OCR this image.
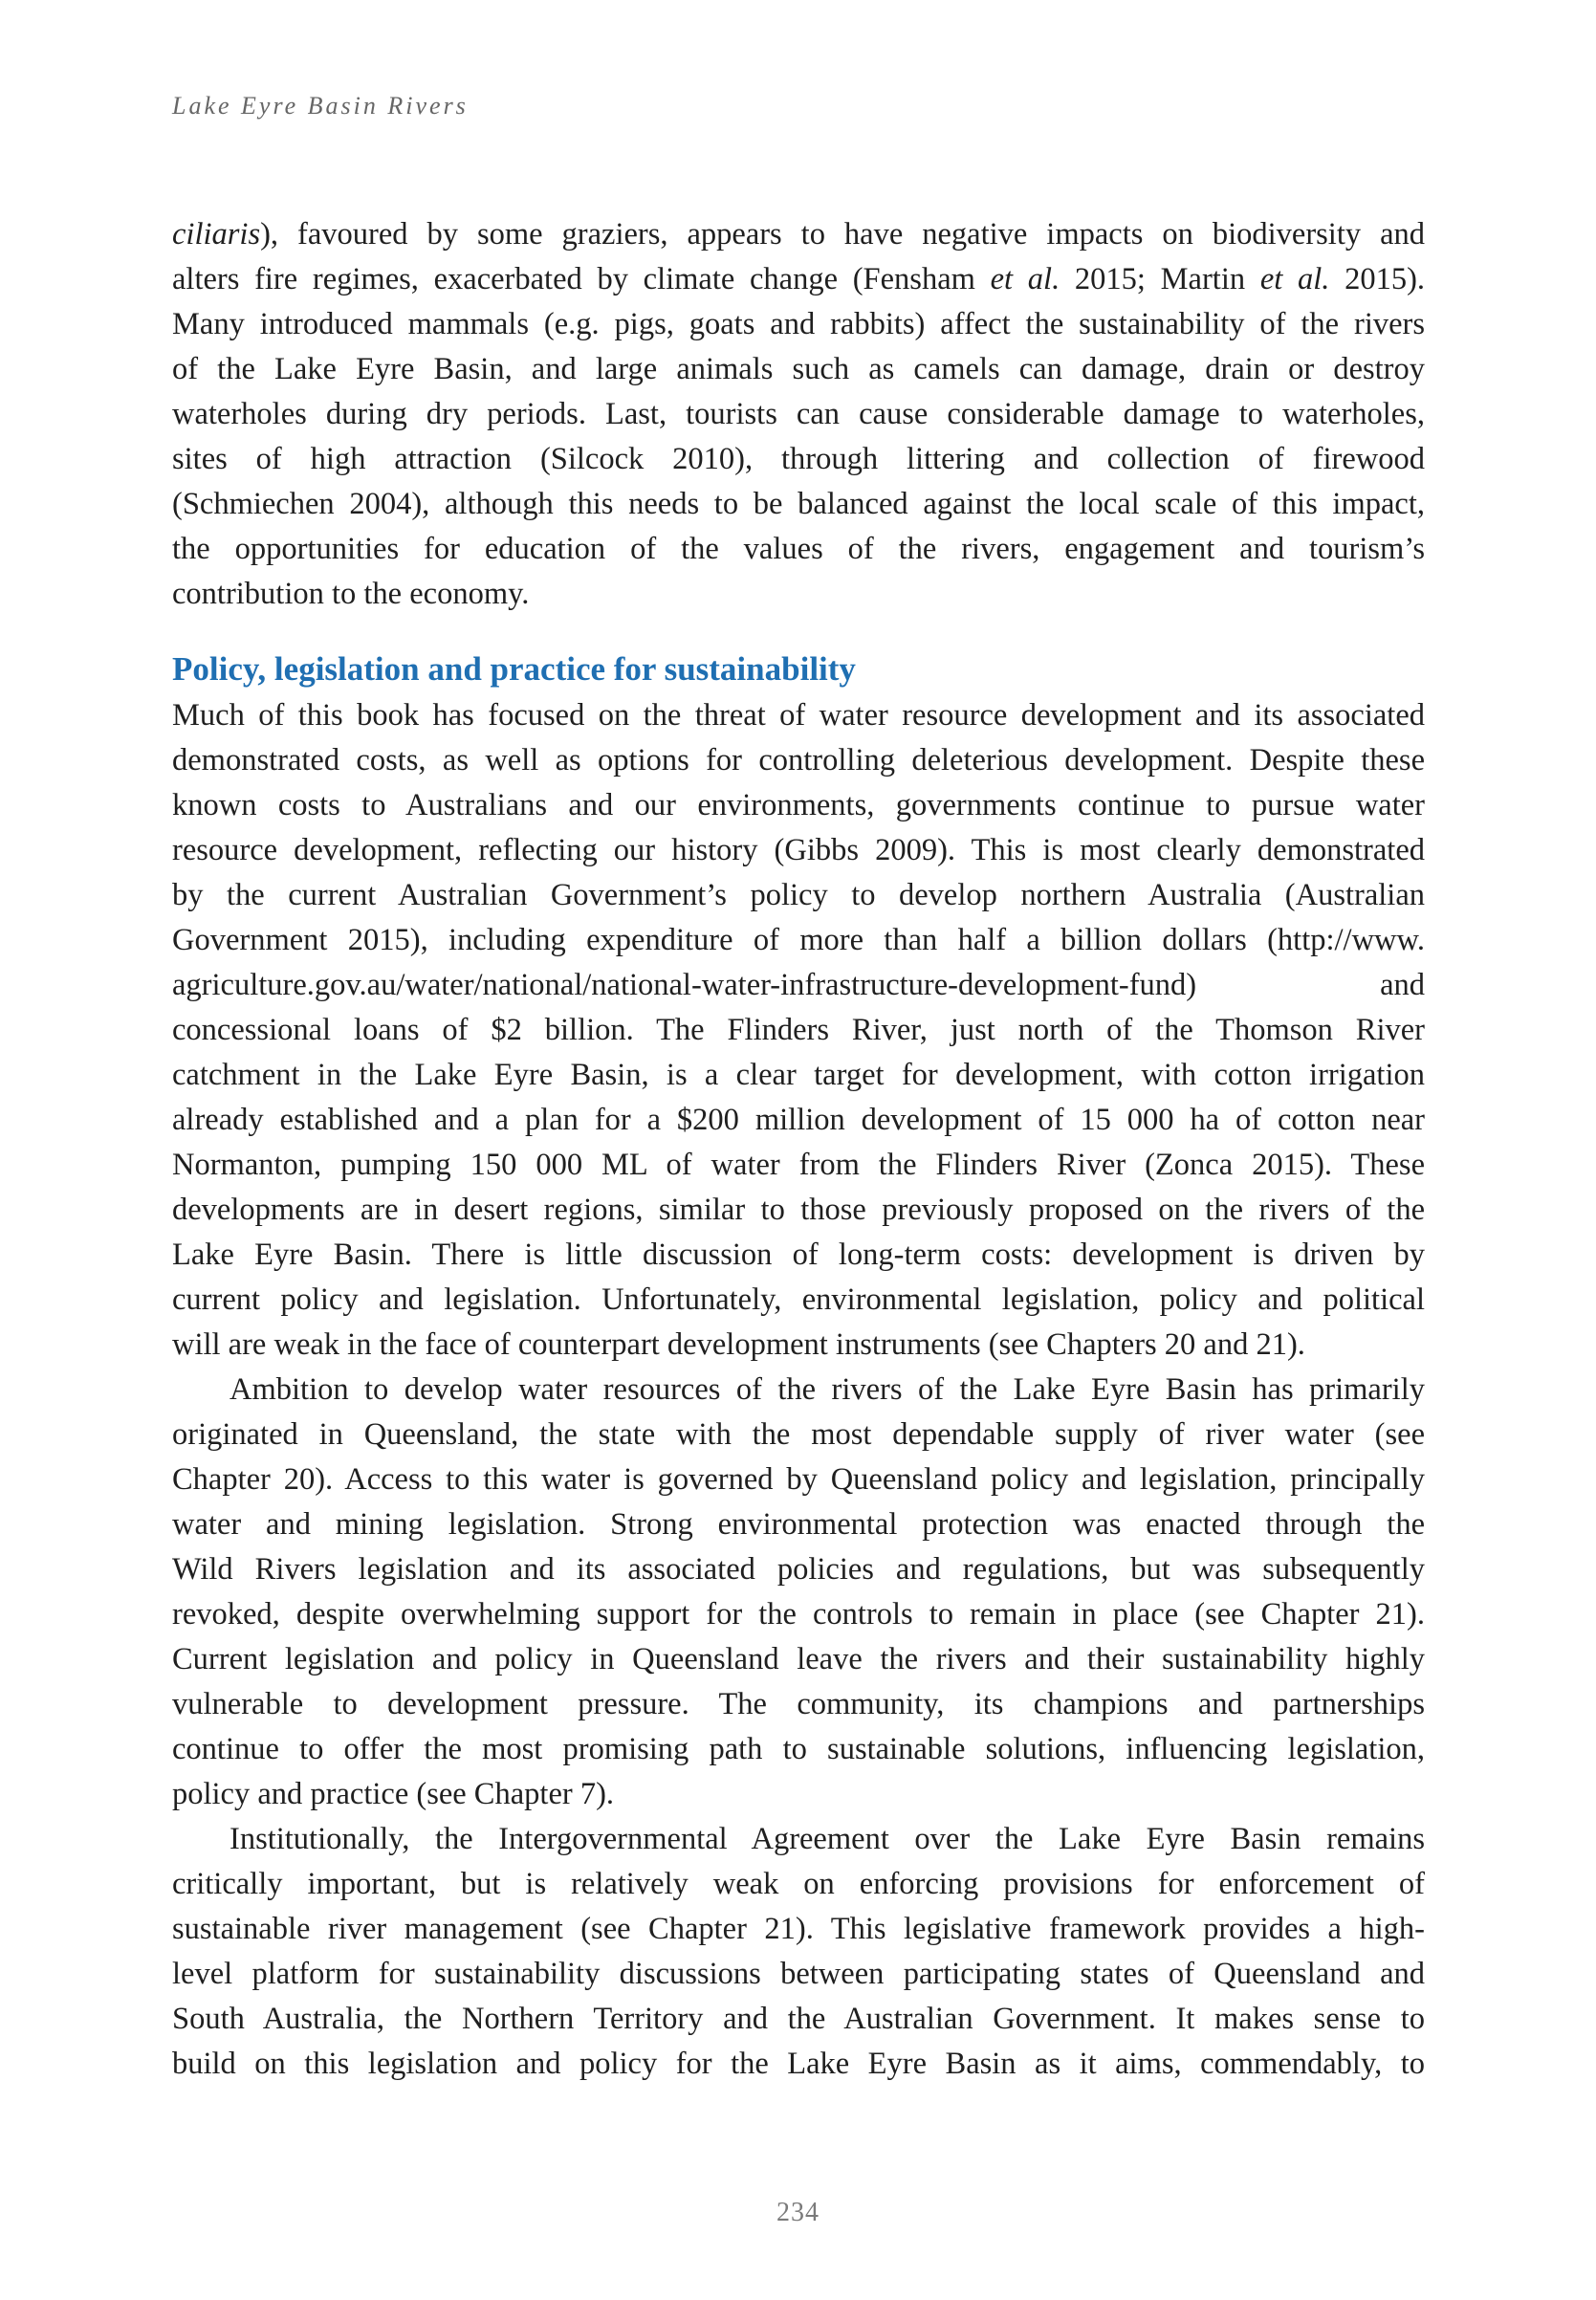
Lake Eyre Basin Rivers
ciliaris), favoured by some graziers, appears to have negative impacts on biodiversity and
alters fire regimes, exacerbated by climate change (Fensham et al. 2015; Martin et al. 2015).
Many introduced mammals (e.g. pigs, goats and rabbits) affect the sustainability of the rivers
of the Lake Eyre Basin, and large animals such as camels can damage, drain or destroy
waterholes during dry periods. Last, tourists can cause considerable damage to waterholes,
sites of high attraction (Silcock 2010), through littering and collection of firewood
(Schmiechen 2004), although this needs to be balanced against the local scale of this impact,
the opportunities for education of the values of the rivers, engagement and tourism’s
contribution to the economy.
Policy, legislation and practice for sustainability
Much of this book has focused on the threat of water resource development and its associated
demonstrated costs, as well as options for controlling deleterious development. Despite these
known costs to Australians and our environments, governments continue to pursue water
resource development, reflecting our history (Gibbs 2009). This is most clearly demonstrated
by the current Australian Government’s policy to develop northern Australia (Australian
Government 2015), including expenditure of more than half a billion dollars (http://www.
agriculture.gov.au/water/national/national-water-infrastructure-development-fund) and
concessional loans of $2 billion. The Flinders River, just north of the Thomson River
catchment in the Lake Eyre Basin, is a clear target for development, with cotton irrigation
already established and a plan for a $200 million development of 15 000 ha of cotton near
Normanton, pumping 150 000 ML of water from the Flinders River (Zonca 2015). These
developments are in desert regions, similar to those previously proposed on the rivers of the
Lake Eyre Basin. There is little discussion of long-term costs: development is driven by
current policy and legislation. Unfortunately, environmental legislation, policy and political
will are weak in the face of counterpart development instruments (see Chapters 20 and 21).
Ambition to develop water resources of the rivers of the Lake Eyre Basin has primarily
originated in Queensland, the state with the most dependable supply of river water (see
Chapter 20). Access to this water is governed by Queensland policy and legislation, principally
water and mining legislation. Strong environmental protection was enacted through the
Wild Rivers legislation and its associated policies and regulations, but was subsequently
revoked, despite overwhelming support for the controls to remain in place (see Chapter 21).
Current legislation and policy in Queensland leave the rivers and their sustainability highly
vulnerable to development pressure. The community, its champions and partnerships
continue to offer the most promising path to sustainable solutions, influencing legislation,
policy and practice (see Chapter 7).
Institutionally, the Intergovernmental Agreement over the Lake Eyre Basin remains
critically important, but is relatively weak on enforcing provisions for enforcement of
sustainable river management (see Chapter 21). This legislative framework provides a high-
level platform for sustainability discussions between participating states of Queensland and
South Australia, the Northern Territory and the Australian Government. It makes sense to
build on this legislation and policy for the Lake Eyre Basin as it aims, commendably, to
234
